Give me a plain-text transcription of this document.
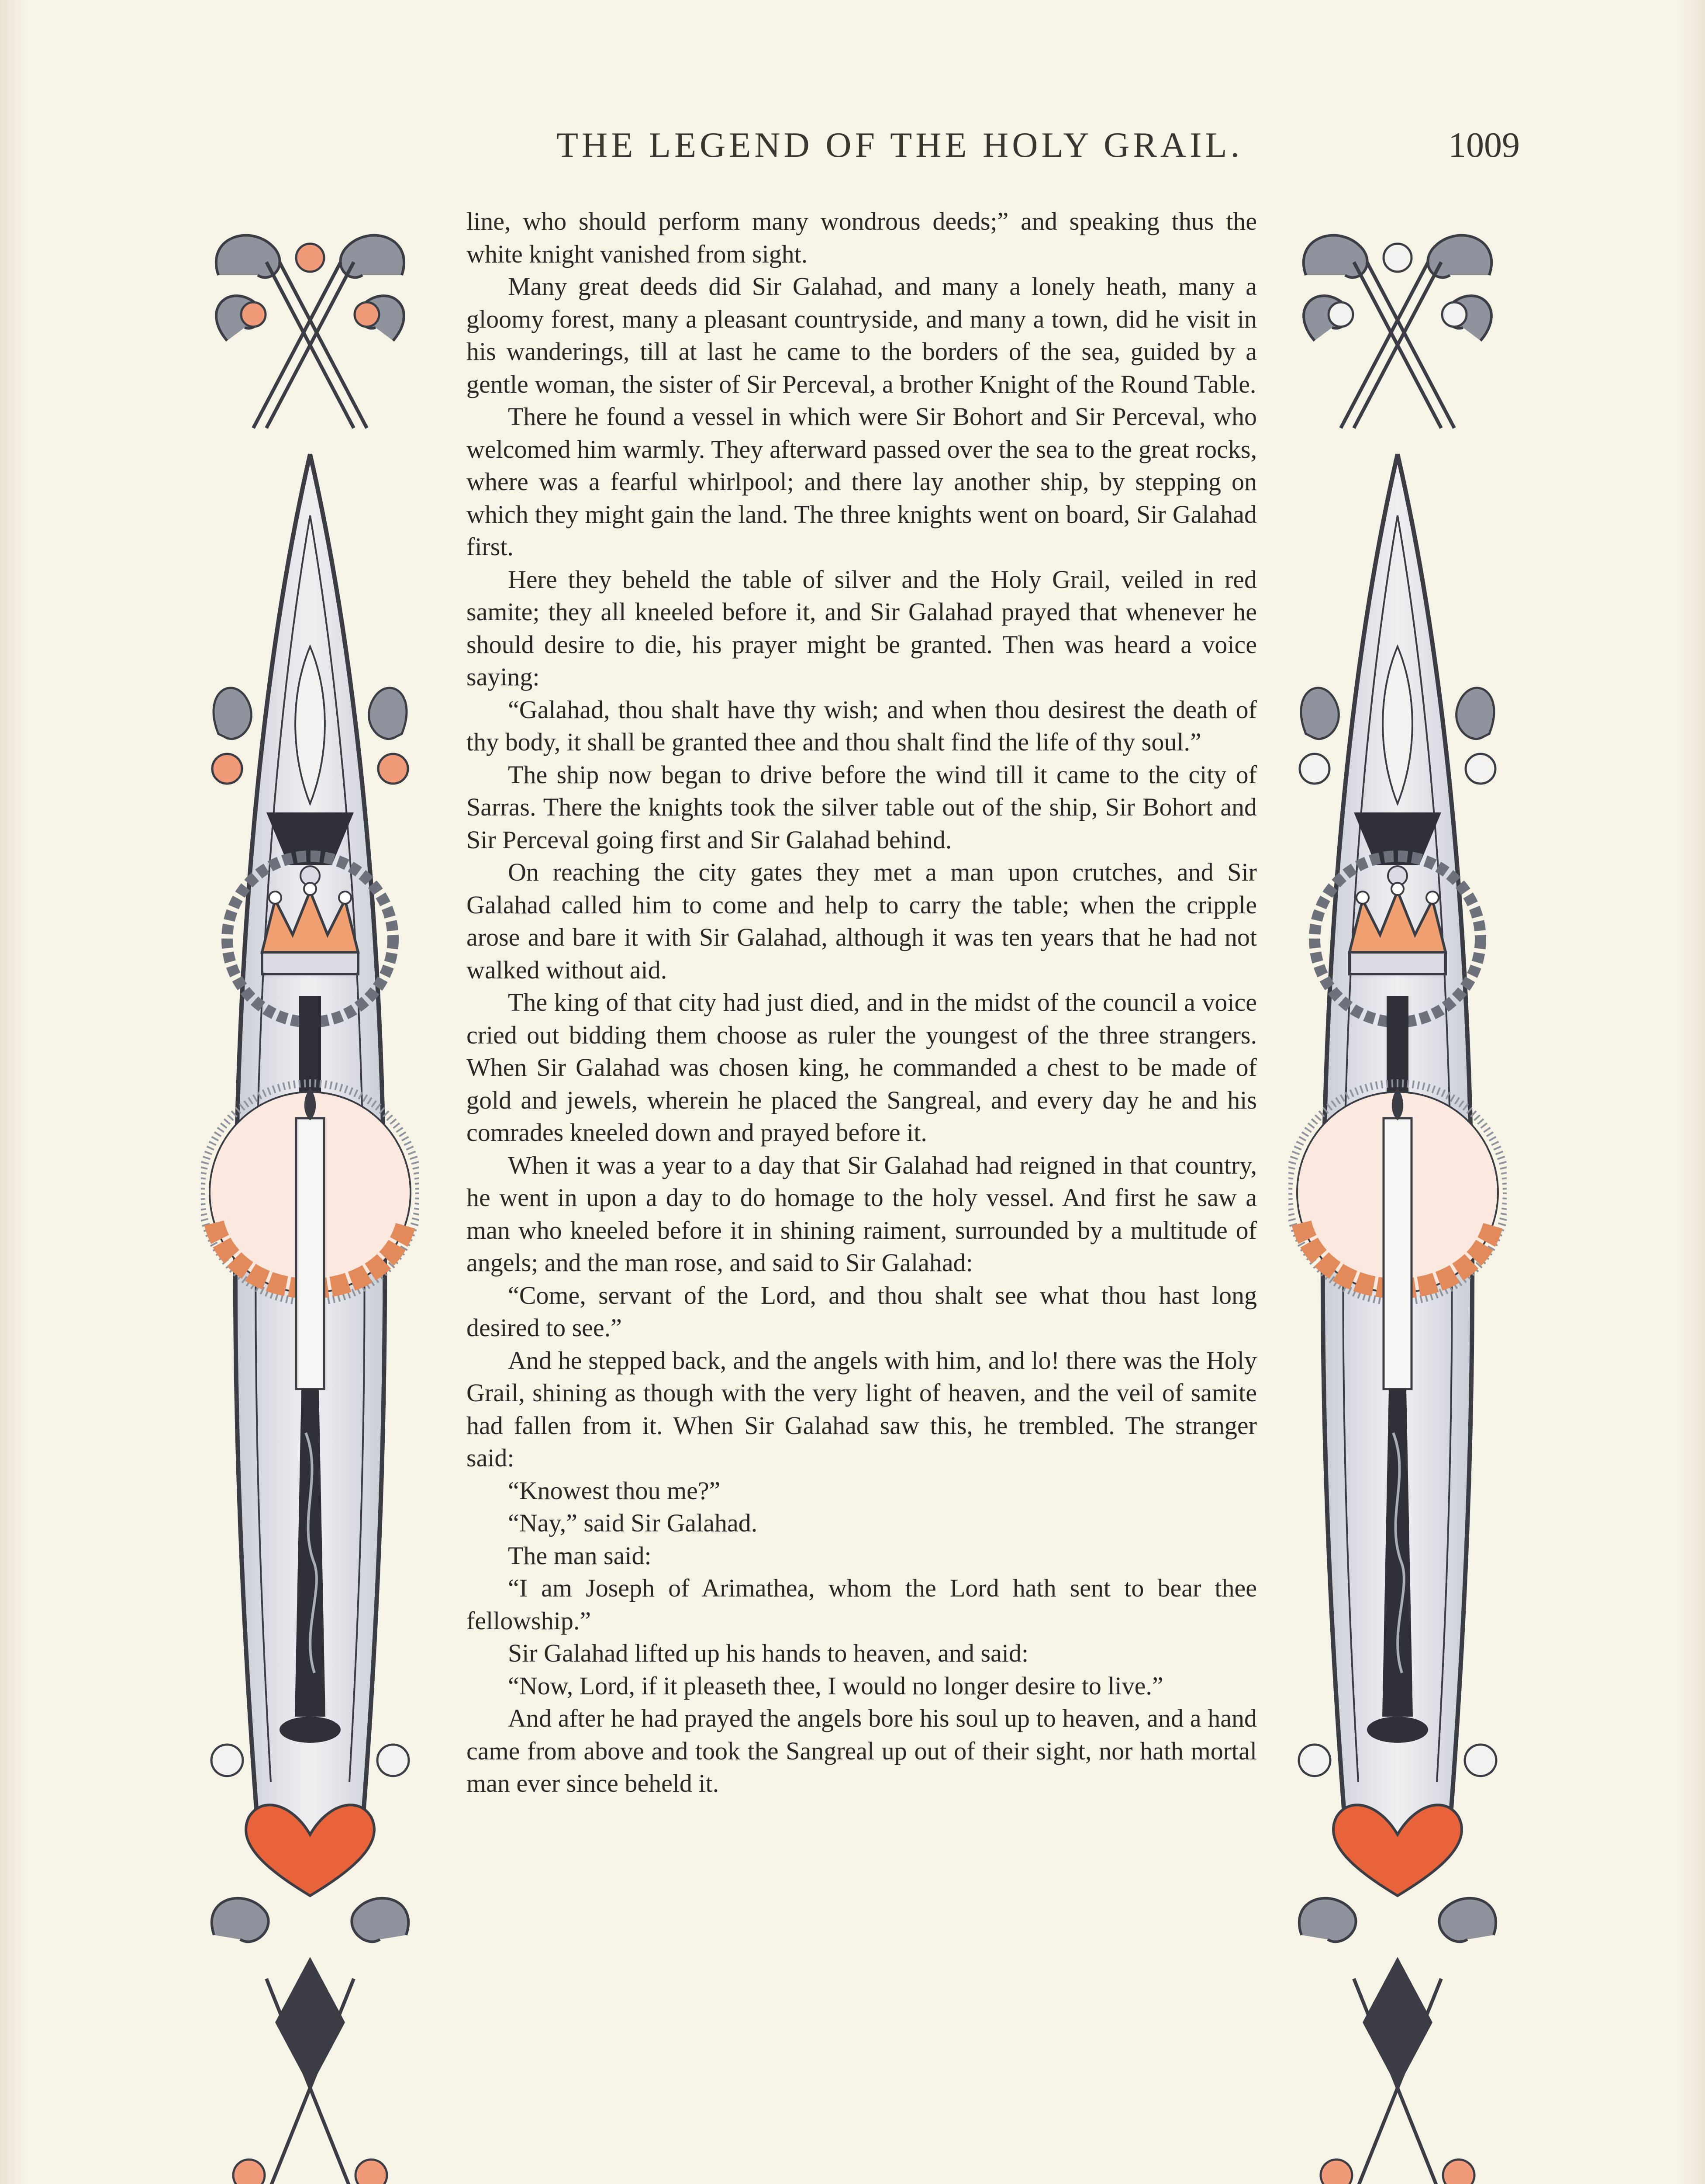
THE LEGEND OF THE HOLY GRAIL.	1009

line, who should perform many wondrous deeds;” and speaking thus the white knight vanished from sight.

Many great deeds did Sir Galahad, and many a lonely heath, many a gloomy forest, many a pleasant countryside, and many a town, did he visit in his wanderings, till at last he came to the borders of the sea, guided by a gentle woman, the sister of Sir Perceval, a brother Knight of the Round Table.

There he found a vessel in which were Sir Bohort and Sir Perceval, who welcomed him warmly. They afterward passed over the sea to the great rocks, where was a fearful whirlpool; and there lay another ship, by stepping on which they might gain the land. The three knights went on board, Sir Galahad first.

Here they beheld the table of silver and the Holy Grail, veiled in red samite; they all kneeled before it, and Sir Galahad prayed that whenever he should desire to die, his prayer might be granted. Then was heard a voice saying:

“Galahad, thou shalt have thy wish; and when thou desirest the death of thy body, it shall be granted thee and thou shalt find the life of thy soul.”

The ship now began to drive before the wind till it came to the city of Sarras. There the knights took the silver table out of the ship, Sir Bohort and Sir Perceval going first and Sir Galahad behind.

On reaching the city gates they met a man upon crutches, and Sir Galahad called him to come and help to carry the table; when the cripple arose and bare it with Sir Galahad, although it was ten years that he had not walked without aid.

The king of that city had just died, and in the midst of the council a voice cried out bidding them choose as ruler the youngest of the three strangers. When Sir Galahad was chosen king, he commanded a chest to be made of gold and jewels, wherein he placed the Sangreal, and every day he and his comrades kneeled down and prayed before it.

When it was a year to a day that Sir Galahad had reigned in that country, he went in upon a day to do homage to the holy vessel. And first he saw a man who kneeled before it in shining raiment, surrounded by a multitude of angels; and the man rose, and said to Sir Galahad:

“Come, servant of the Lord, and thou shalt see what thou hast long desired to see.”

And he stepped back, and the angels with him, and lo! there was the Holy Grail, shining as though with the very light of heaven, and the veil of samite had fallen from it. When Sir Galahad saw this, he trembled. The stranger said:

“Knowest thou me?”

“Nay,” said Sir Galahad.

The man said:

“I am Joseph of Arimathea, whom the Lord hath sent to bear thee fellowship.”

Sir Galahad lifted up his hands to heaven, and said:

“Now, Lord, if it pleaseth thee, I would no longer desire to live.”

And after he had prayed the angels bore his soul up to heaven, and a hand came from above and took the Sangreal up out of their sight, nor hath mortal man ever since beheld it.
